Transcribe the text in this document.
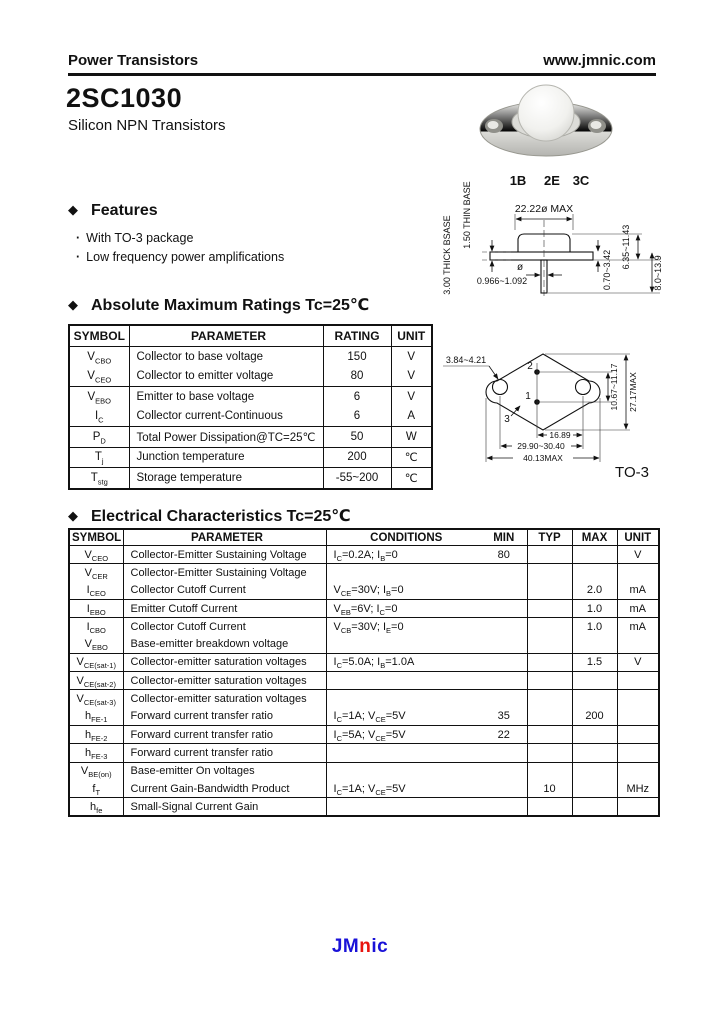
Power Transistors	www.jmnic.com
2SC1030
Silicon NPN Transistors
1B 2E 3C
22.22ø MAX
ø
0.966~1.092
3.00 THICK BSASE
1.50 THIN BASE
0.70~3.42
6.35~11.43
8.0~13.9
2
1
3
3.84~4.21
10.67~11.17 27.17MAX
16.89
29.90~30.40
40.13MAX
TO-3
◆ Features
· With TO-3 package
· Low frequency power amplifications
◆ Absolute Maximum Ratings Tc=25℃
SYMBOL	PARAMETER	RATING	UNIT
$V_{CBO}$	Collector to base voltage	150	V
$V_{CEO}$	Collector to emitter voltage	80	V
$V_{EBO}$	Emitter to base voltage	6	V
$I_C$	Collector current-Continuous	6	A
$P_D$	Total Power Dissipation@TC=25℃	50	W
$T_j$	Junction temperature	200	℃
$T_{stg}$	Storage temperature	-55~200	℃
◆ Electrical Characteristics Tc=25℃
SYMBOL	PARAMETER	CONDITIONS	MIN	TYP	MAX	UNIT
$V_{CEO}$	Collector-Emitter Sustaining Voltage	$I_C=0.2A$; $I_B=0$	80			V
$V_{CER}$	Collector-Emitter Sustaining Voltage					
$I_{CEO}$	Collector Cutoff Current	$V_{CE}=30V$; $I_B=0$			2.0	mA
$I_{EBO}$	Emitter Cutoff Current	$V_{EB}=6V$; $I_C=0$			1.0	mA
$I_{CBO}$	Collector Cutoff Current	$V_{CB}=30V$; $I_E=0$			1.0	mA
$V_{EBO}$	Base-emitter breakdown voltage					
$V_{CE(sat-1)}$	Collector-emitter saturation voltages	$I_C=5.0A$; $I_B=1.0A$			1.5	V
$V_{CE(sat-2)}$	Collector-emitter saturation voltages					
$V_{CE(sat-3)}$	Collector-emitter saturation voltages					
$h_{FE-1}$	Forward current transfer ratio	$I_C=1A$; $V_{CE}=5V$	35		200	
$h_{FE-2}$	Forward current transfer ratio	$I_C=5A$; $V_{CE}=5V$	22			
$h_{FE-3}$	Forward current transfer ratio					
$V_{BE(on)}$	Base-emitter On voltages					
$f_T$	Current Gain-Bandwidth Product	$I_C=1A$; $V_{CE}=5V$		10		MHz
$h_{fe}$	Small-Signal Current Gain					
JMnic
